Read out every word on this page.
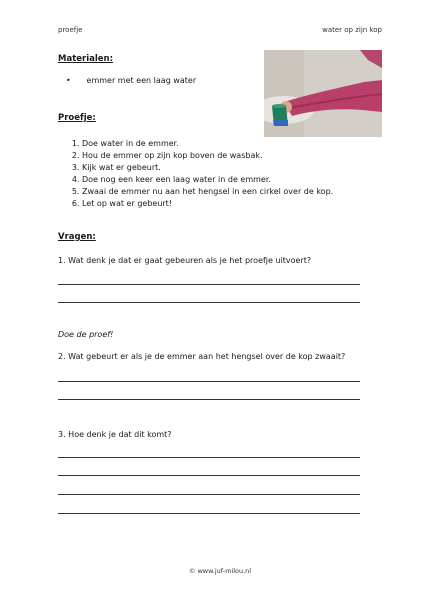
proefje	water op zijn kop
Materialen:
• emmer met een laag water
Proefje:
1. Doe water in de emmer.
2. Hou de emmer op zijn kop boven de wasbak.
3. Kijk wat er gebeurt.
4. Doe nog een keer een laag water in de emmer.
5. Zwaai de emmer nu aan het hengsel in een cirkel over de kop.
6. Let op wat er gebeurt!
Vragen:
1. Wat denk je dat er gaat gebeuren als je het proefje uitvoert?
Doe de proef!
2. Wat gebeurt er als je de emmer aan het hengsel over de kop zwaait?
3. Hoe denk je dat dit komt?
© www.juf-milou.nl
